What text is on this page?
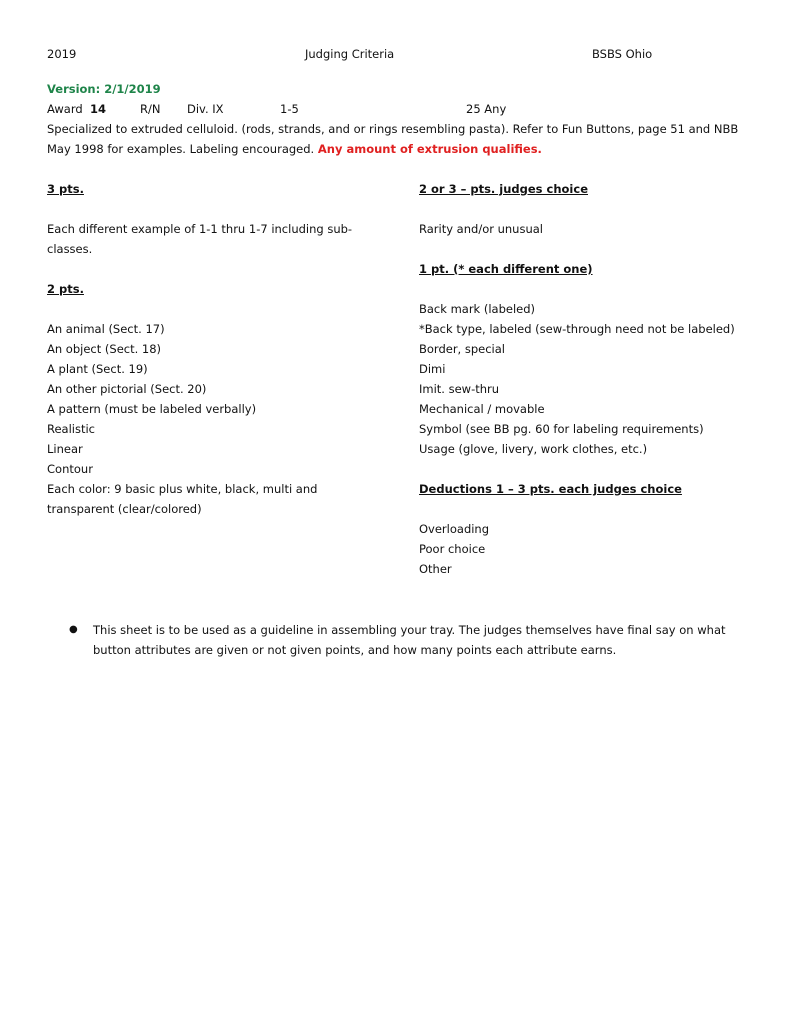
2019	Judging Criteria	BSBS Ohio
Version: 2/1/2019
Award 14	R/N Div. IX	1-5	25 Any
Specialized to extruded celluloid. (rods, strands, and or rings resembling pasta). Refer to Fun Buttons, page 51 and NBB May 1998 for examples. Labeling encouraged. Any amount of extrusion qualifies.
3 pts.
Each different example of 1-1 thru 1-7 including sub-classes.
2 pts.
An animal (Sect. 17)
An object (Sect. 18)
A plant (Sect. 19)
An other pictorial (Sect. 20)
A pattern (must be labeled verbally)
Realistic
Linear
Contour
Each color: 9 basic plus white, black, multi and transparent (clear/colored)
2 or 3 – pts. judges choice
Rarity and/or unusual
1 pt. (* each different one)
Back mark (labeled)
*Back type, labeled (sew-through need not be labeled)
Border, special
Dimi
Imit. sew-thru
Mechanical / movable
Symbol (see BB pg. 60 for labeling requirements)
Usage (glove, livery, work clothes, etc.)
Deductions 1 – 3 pts. each judges choice
Overloading
Poor choice
Other
● This sheet is to be used as a guideline in assembling your tray. The judges themselves have final say on what button attributes are given or not given points, and how many points each attribute earns.
